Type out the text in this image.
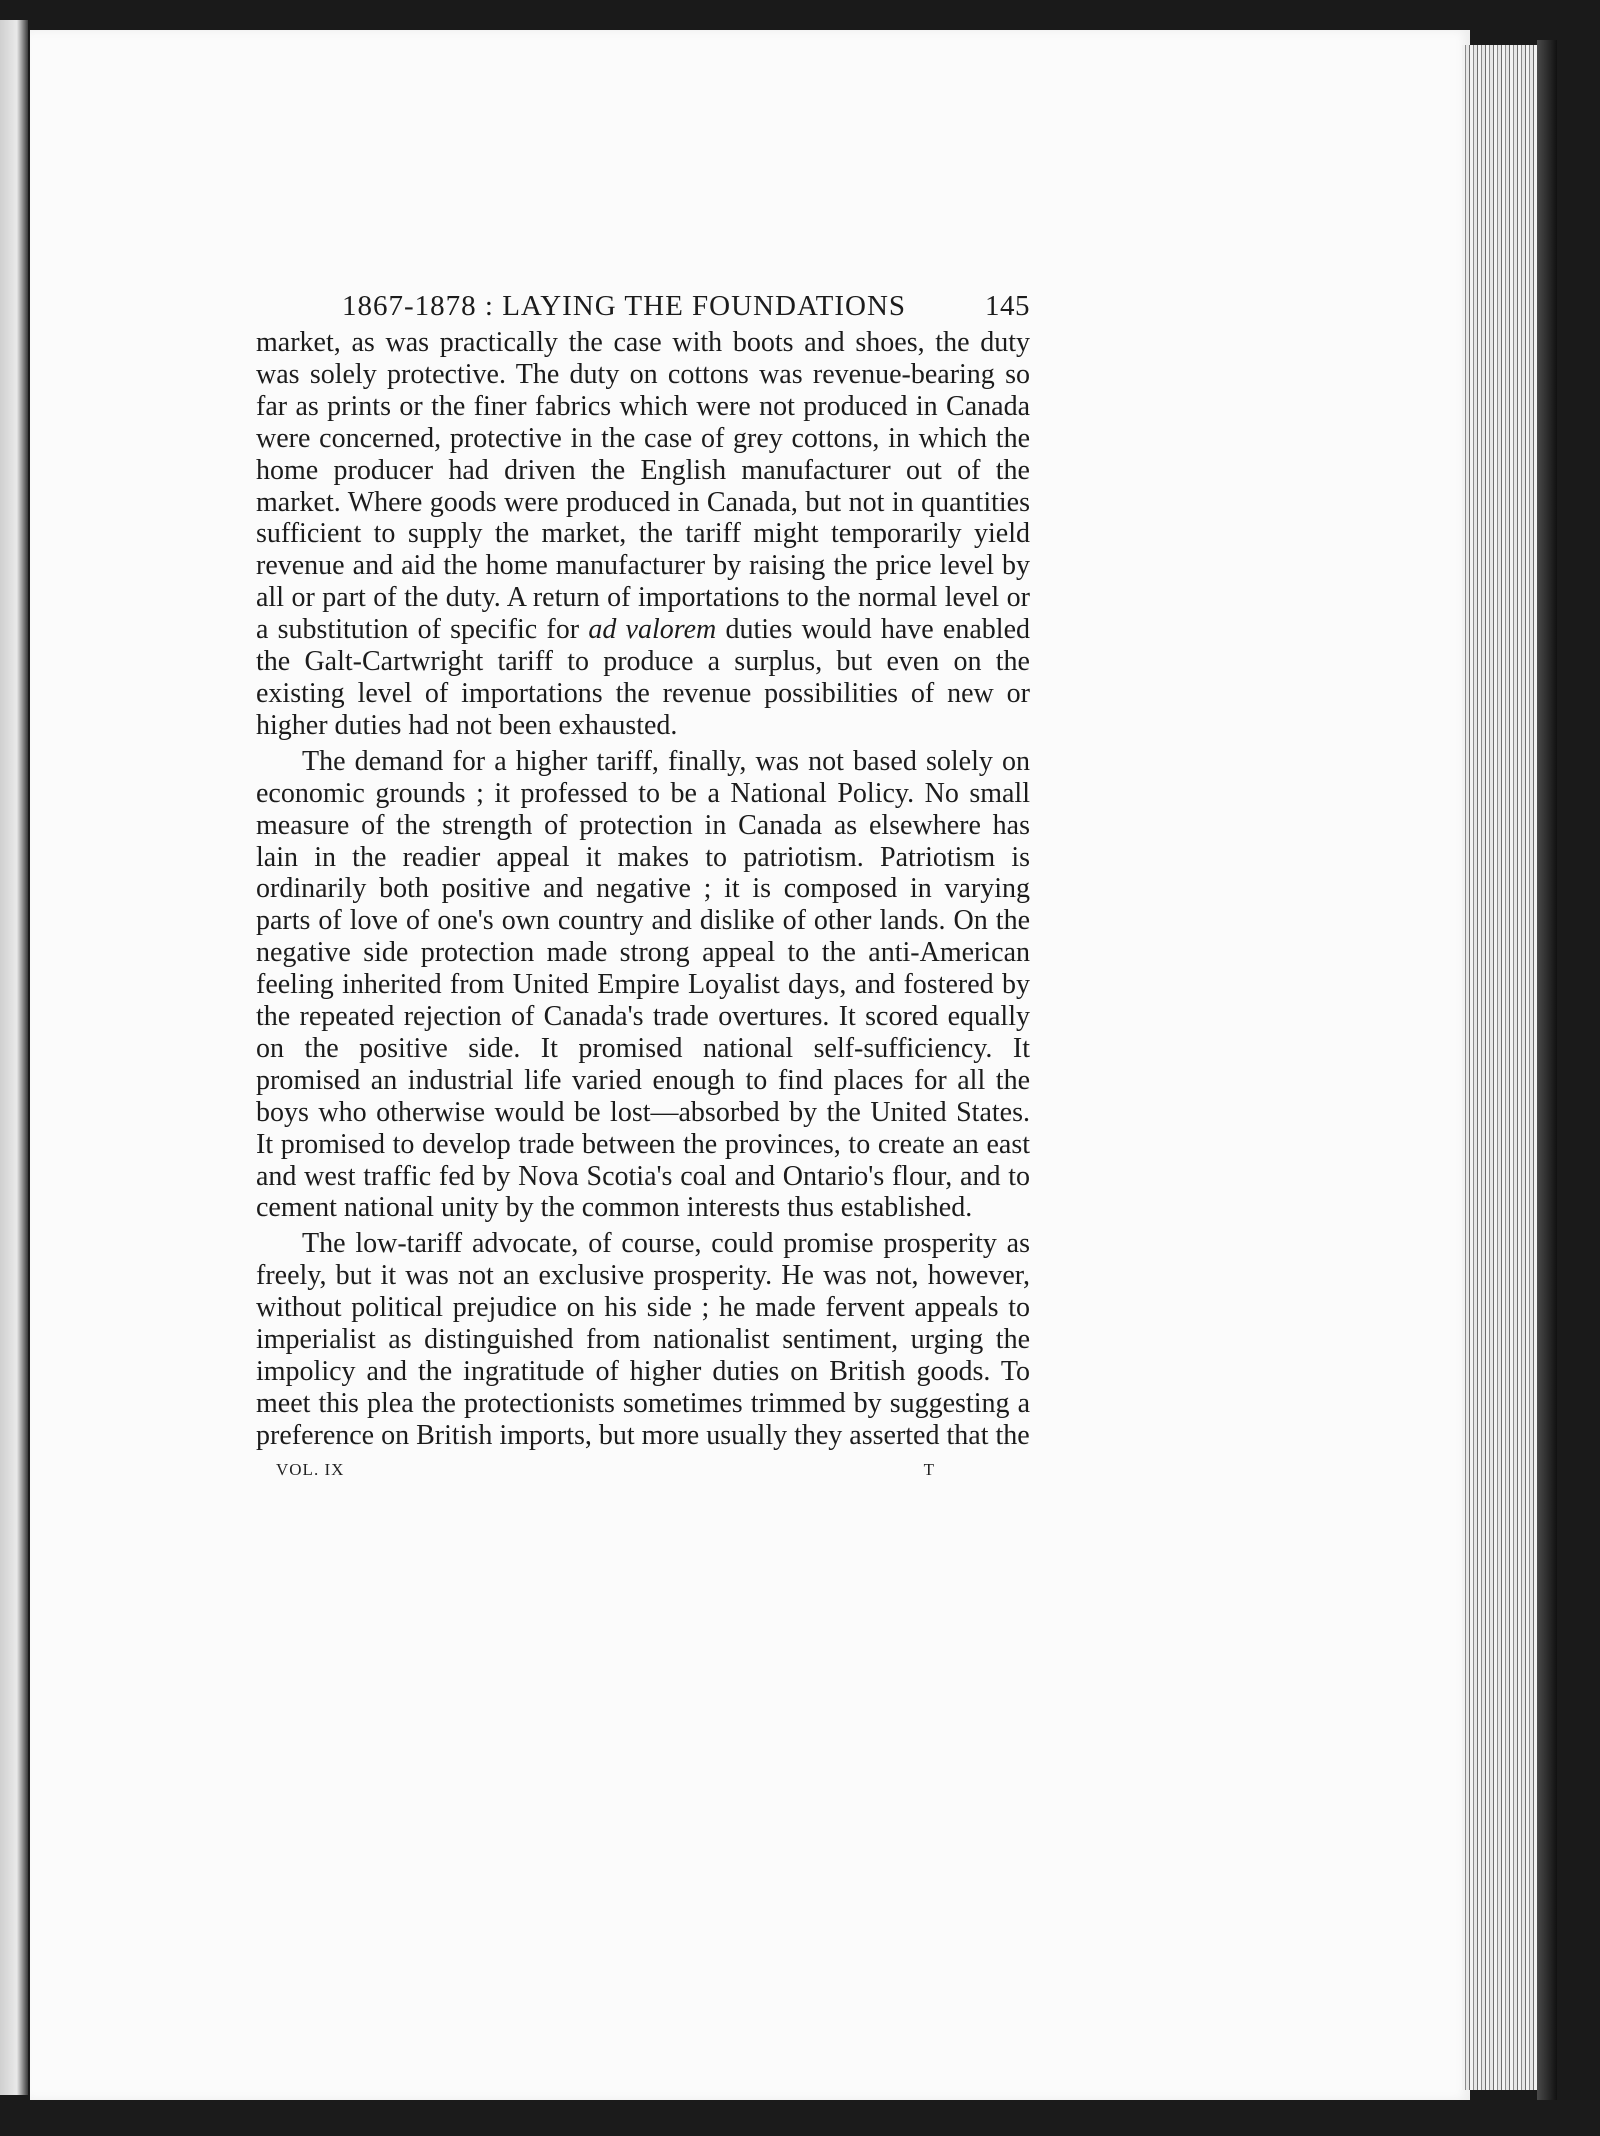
1867-1878 : LAYING THE FOUNDATIONS	145

market, as was practically the case with boots and shoes, the duty was solely protective. The duty on cottons was revenue-bearing so far as prints or the finer fabrics which were not produced in Canada were concerned, protective in the case of grey cottons, in which the home producer had driven the English manufacturer out of the market. Where goods were produced in Canada, but not in quantities sufficient to supply the market, the tariff might temporarily yield revenue and aid the home manufacturer by raising the price level by all or part of the duty. A return of importations to the normal level or a substitution of specific for ad valorem duties would have enabled the Galt-Cartwright tariff to produce a surplus, but even on the existing level of importations the revenue possibilities of new or higher duties had not been exhausted.

The demand for a higher tariff, finally, was not based solely on economic grounds ; it professed to be a National Policy. No small measure of the strength of protection in Canada as elsewhere has lain in the readier appeal it makes to patriotism. Patriotism is ordinarily both positive and negative ; it is composed in varying parts of love of one's own country and dislike of other lands. On the negative side protection made strong appeal to the anti-American feeling inherited from United Empire Loyalist days, and fostered by the repeated rejection of Canada's trade overtures. It scored equally on the positive side. It promised national self-sufficiency. It promised an industrial life varied enough to find places for all the boys who otherwise would be lost—absorbed by the United States. It promised to develop trade between the provinces, to create an east and west traffic fed by Nova Scotia's coal and Ontario's flour, and to cement national unity by the common interests thus established.

The low-tariff advocate, of course, could promise prosperity as freely, but it was not an exclusive prosperity. He was not, however, without political prejudice on his side ; he made fervent appeals to imperialist as distinguished from nationalist sentiment, urging the impolicy and the ingratitude of higher duties on British goods. To meet this plea the protectionists sometimes trimmed by suggesting a preference on British imports, but more usually they asserted that the

VOL. IX	T
